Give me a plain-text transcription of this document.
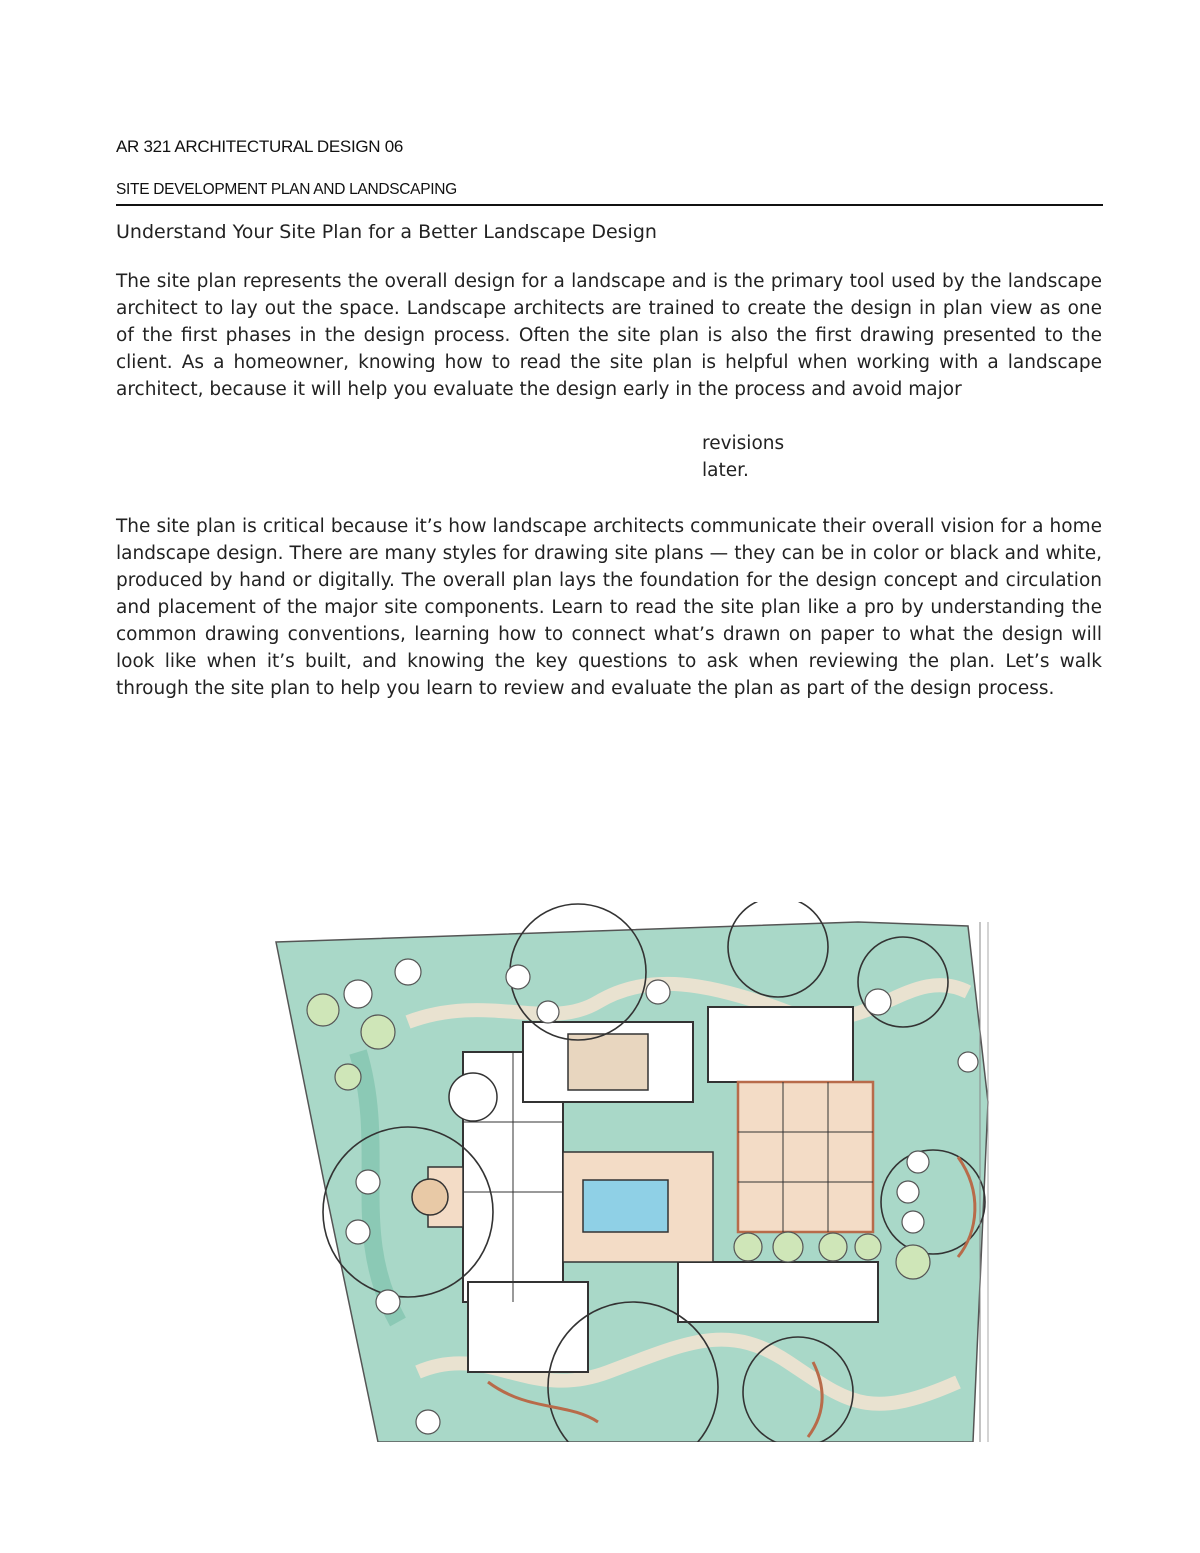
AR 321 ARCHITECTURAL DESIGN 06
SITE DEVELOPMENT PLAN AND LANDSCAPING
Understand Your Site Plan for a Better Landscape Design

The site plan represents the overall design for a landscape and is the primary tool used by the landscape architect to lay out the space. Landscape architects are trained to create the design in plan view as one of the first phases in the design process. Often the site plan is also the first drawing presented to the client. As a homeowner, knowing how to read the site plan is helpful when working with a landscape architect, because it will help you evaluate the design early in the process and avoid major

revisions
later.

The site plan is critical because it’s how landscape architects communicate their overall vision for a home landscape design. There are many styles for drawing site plans — they can be in color or black and white, produced by hand or digitally. The overall plan lays the foundation for the design concept and circulation and placement of the major site components. Learn to read the site plan like a pro by understanding the common drawing conventions, learning how to connect what’s drawn on paper to what the design will look like when it’s built, and knowing the key questions to ask when reviewing the plan. Let’s walk through the site plan to help you learn to review and evaluate the plan as part of the design process.
